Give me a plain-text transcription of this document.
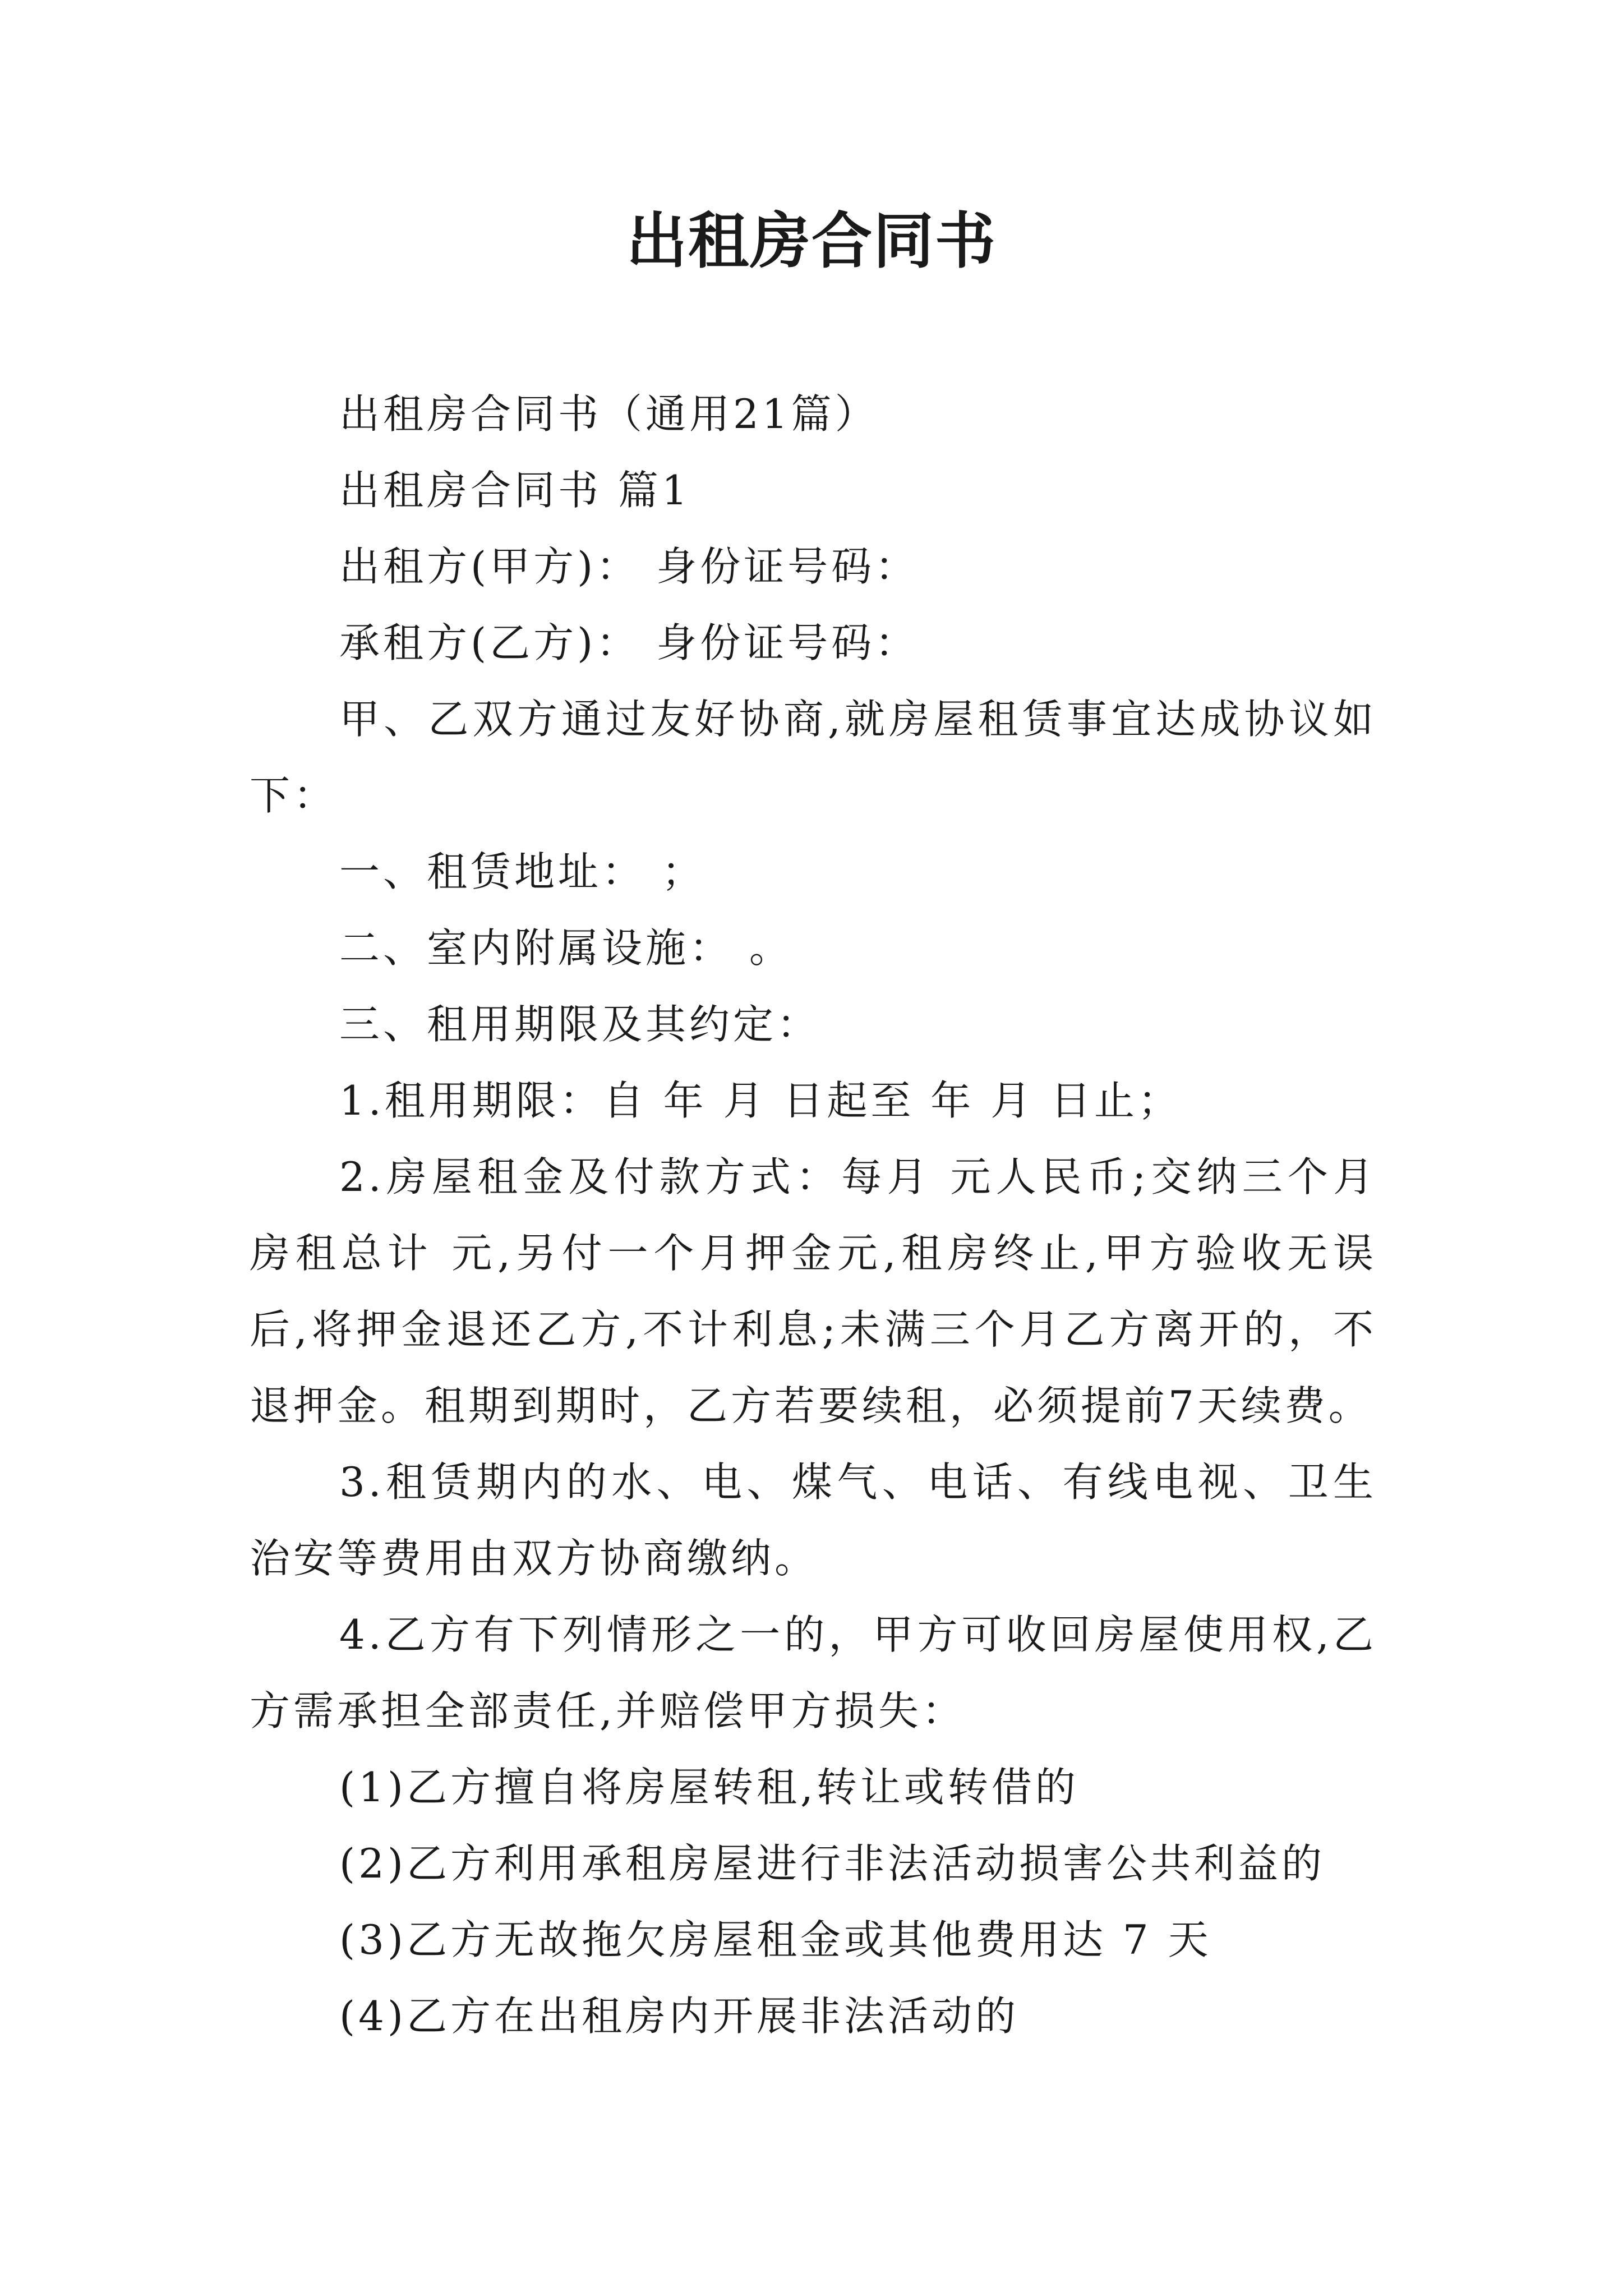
出租房合同书

出租房合同书（通用21篇）

出租房合同书 篇1

出租方(甲方)： 身份证号码：

承租方(乙方)： 身份证号码：

甲、乙双方通过友好协商,就房屋租赁事宜达成协议如下：

一、租赁地址： ；

二、室内附属设施： 。

三、租用期限及其约定：

1.租用期限：自 年 月 日起至 年 月 日止；

2.房屋租金及付款方式：每月 元人民币;交纳三个月房租总计 元,另付一个月押金元,租房终止,甲方验收无误后,将押金退还乙方,不计利息;未满三个月乙方离开的，不退押金。租期到期时，乙方若要续租，必须提前7天续费。

3.租赁期内的水、电、煤气、电话、有线电视、卫生治安等费用由双方协商缴纳。

4.乙方有下列情形之一的，甲方可收回房屋使用权,乙方需承担全部责任,并赔偿甲方损失：

(1)乙方擅自将房屋转租,转让或转借的

(2)乙方利用承租房屋进行非法活动损害公共利益的

(3)乙方无故拖欠房屋租金或其他费用达 7 天

(4)乙方在出租房内开展非法活动的
